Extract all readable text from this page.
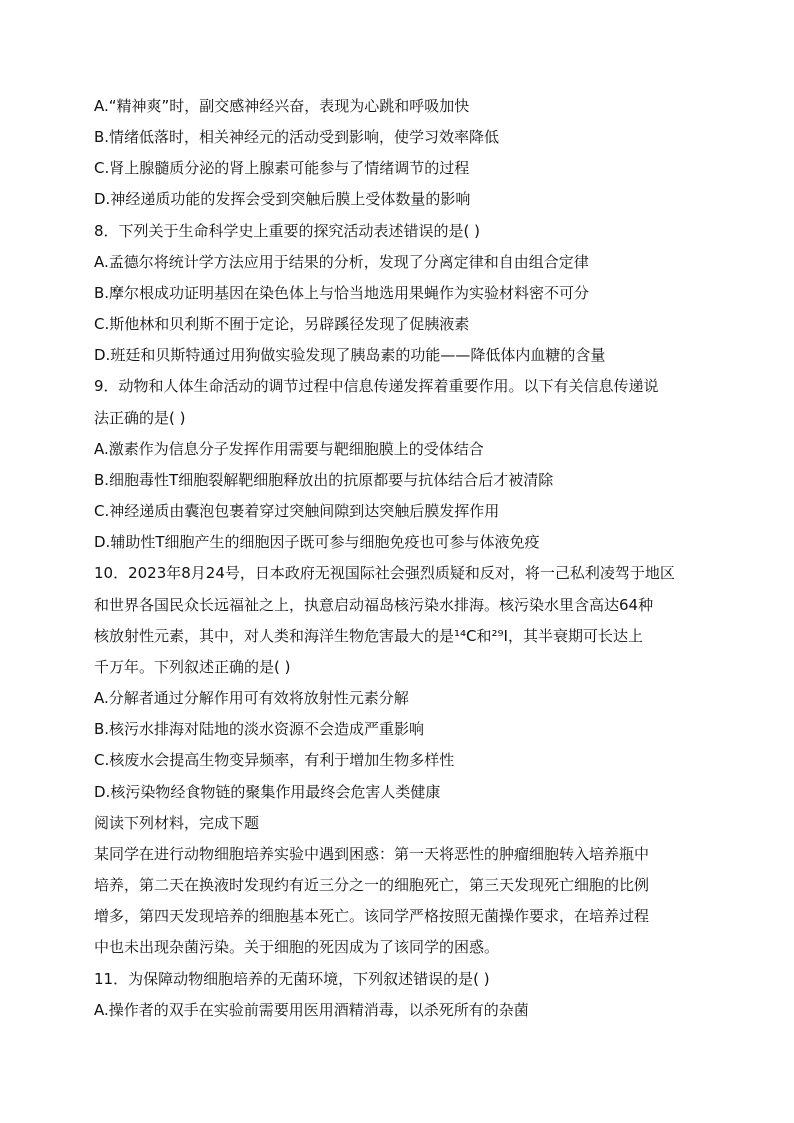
A.“精神爽”时，副交感神经兴奋，表现为心跳和呼吸加快
B.情绪低落时，相关神经元的活动受到影响，使学习效率降低
C.肾上腺髓质分泌的肾上腺素可能参与了情绪调节的过程
D.神经递质功能的发挥会受到突触后膜上受体数量的影响
8．下列关于生命科学史上重要的探究活动表述错误的是( )
A.孟德尔将统计学方法应用于结果的分析，发现了分离定律和自由组合定律
B.摩尔根成功证明基因在染色体上与恰当地选用果蝇作为实验材料密不可分
C.斯他林和贝利斯不囿于定论，另辟蹊径发现了促胰液素
D.班廷和贝斯特通过用狗做实验发现了胰岛素的功能——降低体内血糖的含量
9．动物和人体生命活动的调节过程中信息传递发挥着重要作用。以下有关信息传递说
法正确的是( )
A.激素作为信息分子发挥作用需要与靶细胞膜上的受体结合
B.细胞毒性T细胞裂解靶细胞释放出的抗原都要与抗体结合后才被清除
C.神经递质由囊泡包裹着穿过突触间隙到达突触后膜发挥作用
D.辅助性T细胞产生的细胞因子既可参与细胞免疫也可参与体液免疫
10．2023年8月24号，日本政府无视国际社会强烈质疑和反对，将一己私利凌驾于地区
和世界各国民众长远福祉之上，执意启动福岛核污染水排海。核污染水里含高达64种
核放射性元素，其中，对人类和海洋生物危害最大的是¹⁴C和²⁹I，其半衰期可长达上
千万年。下列叙述正确的是( )
A.分解者通过分解作用可有效将放射性元素分解
B.核污水排海对陆地的淡水资源不会造成严重影响
C.核废水会提高生物变异频率，有利于增加生物多样性
D.核污染物经食物链的聚集作用最终会危害人类健康
阅读下列材料，完成下题
某同学在进行动物细胞培养实验中遇到困惑：第一天将恶性的肿瘤细胞转入培养瓶中
培养，第二天在换液时发现约有近三分之一的细胞死亡，第三天发现死亡细胞的比例
增多，第四天发现培养的细胞基本死亡。该同学严格按照无菌操作要求，在培养过程
中也未出现杂菌污染。关于细胞的死因成为了该同学的困惑。
11．为保障动物细胞培养的无菌环境，下列叙述错误的是( )
A.操作者的双手在实验前需要用医用酒精消毒，以杀死所有的杂菌
